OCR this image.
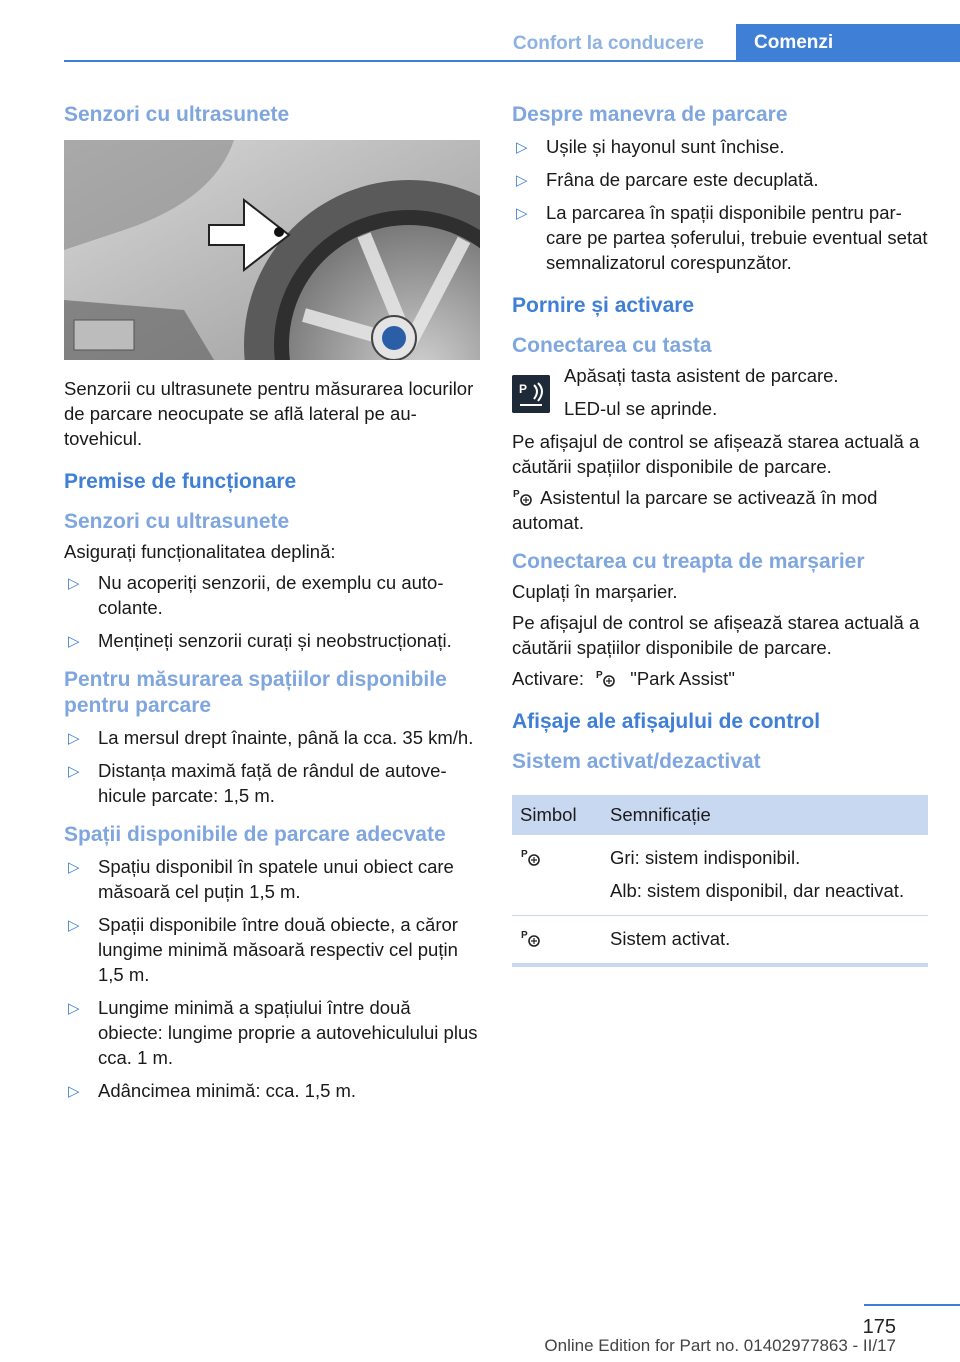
Confort la conducere	Comenzi
Senzori cu ultrasunete

Senzorii cu ultrasunete pentru măsurarea locurilor de parcare neocupate se află lateral pe autovehicul.

Premise de funcționare
Senzori cu ultrasunete

Asigurați funcționalitatea deplină:

▷ Nu acoperiți senzorii, de exemplu cu autocolante.
▷ Mențineți senzorii curați și neobstrucționați.
Pentru măsurarea spațiilor disponibile pentru parcare
▷ La mersul drept înainte, până la cca. 35 km/h.
▷ Distanța maximă față de rândul de autovehicule parcate: 1,5 m.
Spații disponibile de parcare adecvate
▷ Spațiu disponibil în spatele unui obiect care măsoară cel puțin 1,5 m.
▷ Spații disponibile între două obiecte, a căror lungime minimă măsoară respectiv cel puțin 1,5 m.
▷ Lungime minimă a spațiului între două obiecte: lungime proprie a autovehiculului plus cca. 1 m.
▷ Adâncimea minimă: cca. 1,5 m.
Despre manevra de parcare
▷ Ușile și hayonul sunt închise.
▷ Frâna de parcare este decuplată.
▷ La parcarea în spații disponibile pentru parcare pe partea șoferului, trebuie eventual setat semnalizatorul corespunzător.
Pornire și activare
Conectarea cu tasta
P

Apăsați tasta asistent de parcare.

LED-ul se aprinde.

Pe afișajul de control se afișează starea actuală a căutării spațiilor disponibile de parcare.

P Asistentul la parcare se activează în mod automat.

Conectarea cu treapta de marșarier

Cuplați în marșarier.

Pe afișajul de control se afișează starea actuală a căutării spațiilor disponibile de parcare.

Activare: P "Park Assist"

Afișaje ale afișajului de control
Sistem activat/dezactivat
Simbol	Semnificație

P	Gri: sistem indisponibil.

Alb: sistem disponibil, dar neactivat.

P	Sistem activat.
175
Online Edition for Part no. 01402977863 - II/17
